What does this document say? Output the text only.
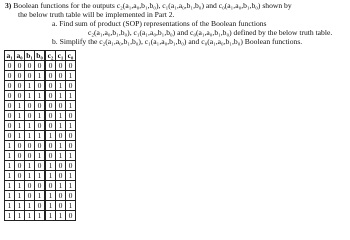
3) Boolean functions for the outputs c₂(a₁,a₀,b₁,b₀), c₁(a₁,a₀,b₁,b₀) and c₀(a₁,a₀,b₁,b₀) shown by
the below truth table will be implemented in Part 2.
a. Find sum of product (SOP) representations of the Boolean functions
c₂(a₁,a₀,b₁,b₀), c₁(a₁,a₀,b₁,b₀) and c₀(a₁,a₀,b₁,b₀) defined by the below truth table.
b. Simplify the c₂(a₁,a₀,b₁,b₀), c₁(a₁,a₀,b₁,b₀) and c₀(a₁,a₀,b₁,b₀) Boolean functions.
a₁	a₀	b₁	b₀	c₂	c₁	c₀
0	0	0	0	0	0	0
0	0	0	1	0	0	1
0	0	1	0	0	1	0
0	0	1	1	0	1	1
0	1	0	0	0	0	1
0	1	0	1	0	1	0
0	1	1	0	0	1	1
0	1	1	1	1	0	0
1	0	0	0	0	1	0
1	0	0	1	0	1	1
1	0	1	0	1	0	0
1	0	1	1	1	0	1
1	1	0	0	0	1	1
1	1	0	1	1	0	0
1	1	1	0	1	0	1
1	1	1	1	1	1	0
